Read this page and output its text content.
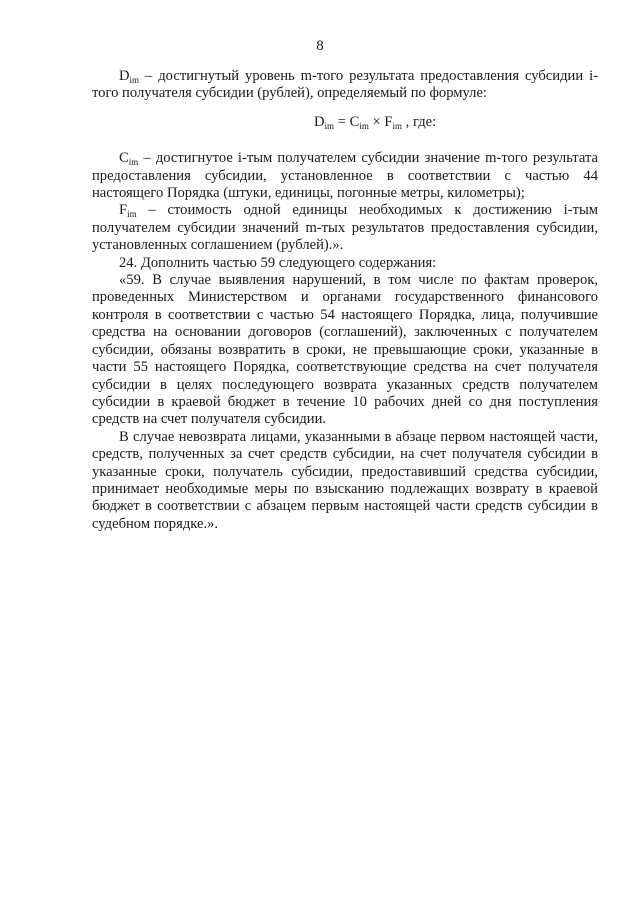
8

$D_{im}$ – достигнутый уровень m-того результата предоставления субсидии i-того получателя субсидии (рублей), определяемый по формуле:

$D_{im} = C_{im} \times F_{im}$ , где:

$C_{im}$ – достигнутое i-тым получателем субсидии значение m-того результата предоставления субсидии, установленное в соответствии с частью 44 настоящего Порядка (штуки, единицы, погонные метры, километры);

$F_{im}$ – стоимость одной единицы необходимых к достижению i-тым получателем субсидии значений m-тых результатов предоставления субсидии, установленных соглашением (рублей).».

24. Дополнить частью 59 следующего содержания:

«59. В случае выявления нарушений, в том числе по фактам проверок, проведенных Министерством и органами государственного финансового контроля в соответствии с частью 54 настоящего Порядка, лица, получившие средства на основании договоров (соглашений), заключенных с получателем субсидии, обязаны возвратить в сроки, не превышающие сроки, указанные в части 55 настоящего Порядка, соответствующие средства на счет получателя субсидии в целях последующего возврата указанных средств получателем субсидии в краевой бюджет в течение 10 рабочих дней со дня поступления средств на счет получателя субсидии.

В случае невозврата лицами, указанными в абзаце первом настоящей части, средств, полученных за счет средств субсидии, на счет получателя субсидии в указанные сроки, получатель субсидии, предоставивший средства субсидии, принимает необходимые меры по взысканию подлежащих возврату в краевой бюджет в соответствии с абзацем первым настоящей части средств субсидии в судебном порядке.».
